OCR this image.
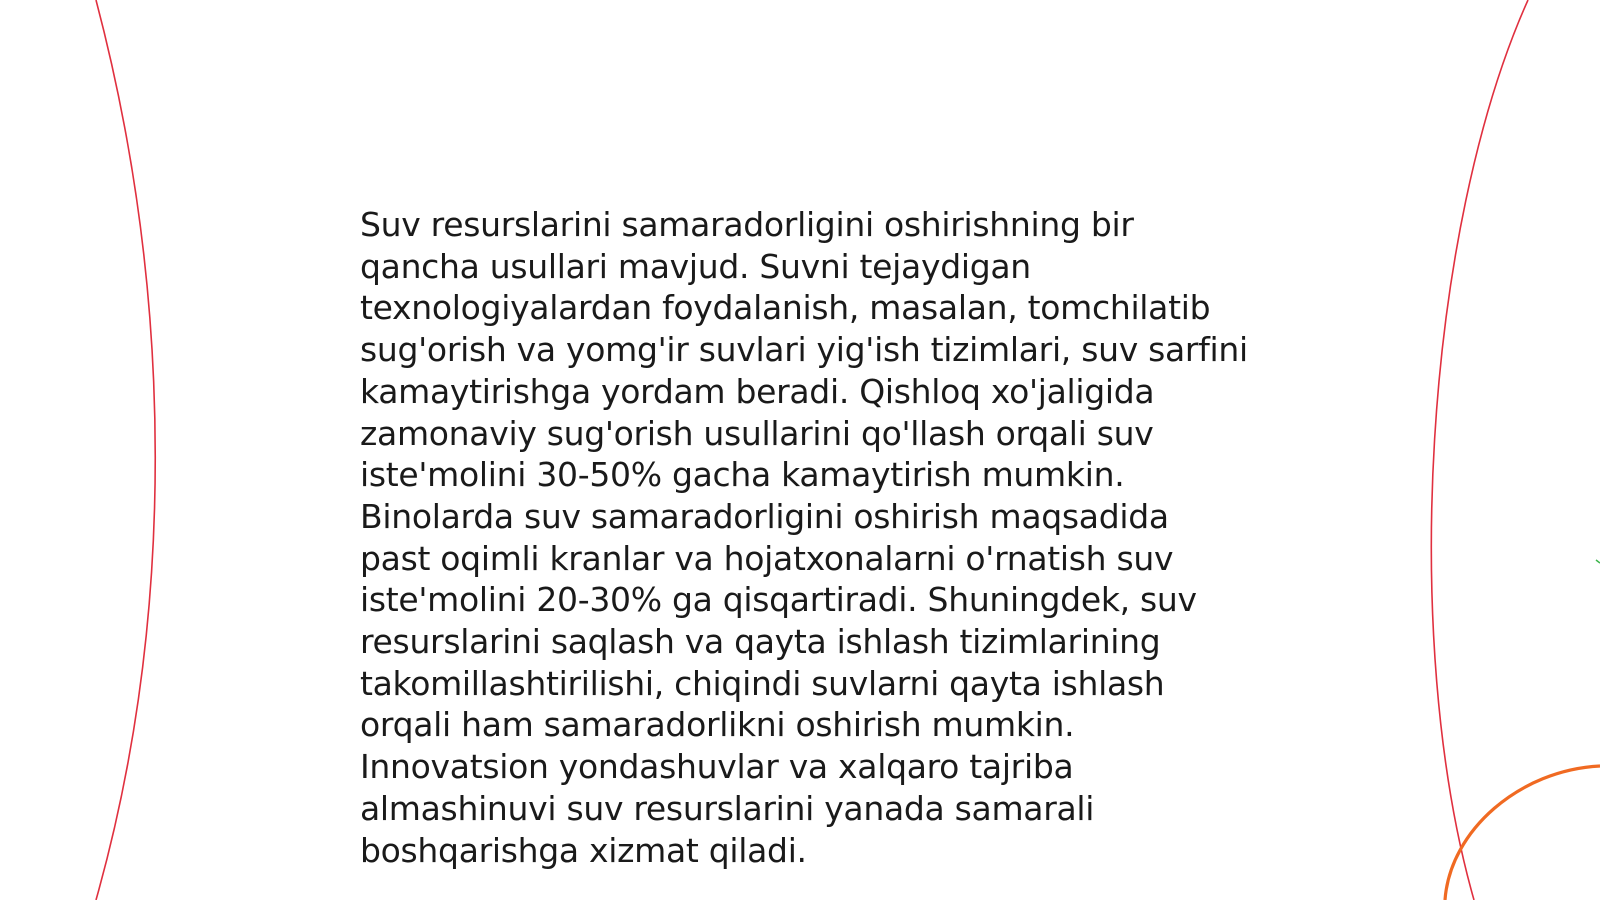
Suv resurslarini samaradorligini oshirishning bir
qancha usullari mavjud. Suvni tejaydigan
texnologiyalardan foydalanish, masalan, tomchilatib
sug'orish va yomg'ir suvlari yig'ish tizimlari, suv sarfini
kamaytirishga yordam beradi. Qishloq xo'jaligida
zamonaviy sug'orish usullarini qo'llash orqali suv
iste'molini 30-50% gacha kamaytirish mumkin.
Binolarda suv samaradorligini oshirish maqsadida
past oqimli kranlar va hojatxonalarni o'rnatish suv
iste'molini 20-30% ga qisqartiradi. Shuningdek, suv
resurslarini saqlash va qayta ishlash tizimlarining
takomillashtirilishi, chiqindi suvlarni qayta ishlash
orqali ham samaradorlikni oshirish mumkin.
Innovatsion yondashuvlar va xalqaro tajriba
almashinuvi suv resurslarini yanada samarali
boshqarishga xizmat qiladi.
